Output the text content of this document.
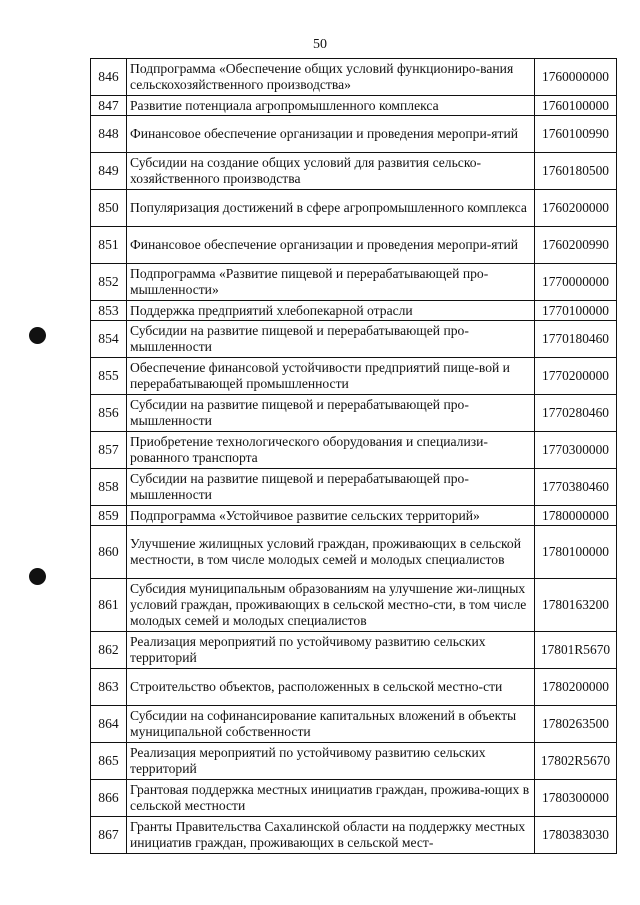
50
846	Подпрограмма «Обеспечение общих условий функциониро-вания сельскохозяйственного производства»	1760000000
847	Развитие потенциала агропромышленного комплекса	1760100000
848	Финансовое обеспечение организации и проведения меропри-ятий	1760100990
849	Субсидии на создание общих условий для развития сельско-хозяйственного производства	1760180500
850	Популяризация достижений в сфере агропромышленного комплекса	1760200000
851	Финансовое обеспечение организации и проведения меропри-ятий	1760200990
852	Подпрограмма «Развитие пищевой и перерабатывающей про-мышленности»	1770000000
853	Поддержка предприятий хлебопекарной отрасли	1770100000
854	Субсидии на развитие пищевой и перерабатывающей про-мышленности	1770180460
855	Обеспечение финансовой устойчивости предприятий пище-вой и перерабатывающей промышленности	1770200000
856	Субсидии на развитие пищевой и перерабатывающей про-мышленности	1770280460
857	Приобретение технологического оборудования и специализи-рованного транспорта	1770300000
858	Субсидии на развитие пищевой и перерабатывающей про-мышленности	1770380460
859	Подпрограмма «Устойчивое развитие сельских территорий»	1780000000
860	Улучшение жилищных условий граждан, проживающих в сельской местности, в том числе молодых семей и молодых специалистов	1780100000
861	Субсидия муниципальным образованиям на улучшение жи-лищных условий граждан, проживающих в сельской местно-сти, в том числе молодых семей и молодых специалистов	1780163200
862	Реализация мероприятий по устойчивому развитию сельских территорий	17801R5670
863	Строительство объектов, расположенных в сельской местно-сти	1780200000
864	Субсидии на софинансирование капитальных вложений в объекты муниципальной собственности	1780263500
865	Реализация мероприятий по устойчивому развитию сельских территорий	17802R5670
866	Грантовая поддержка местных инициатив граждан, прожива-ющих в сельской местности	1780300000
867	Гранты Правительства Сахалинской области на поддержку местных инициатив граждан, проживающих в сельской мест-	1780383030
